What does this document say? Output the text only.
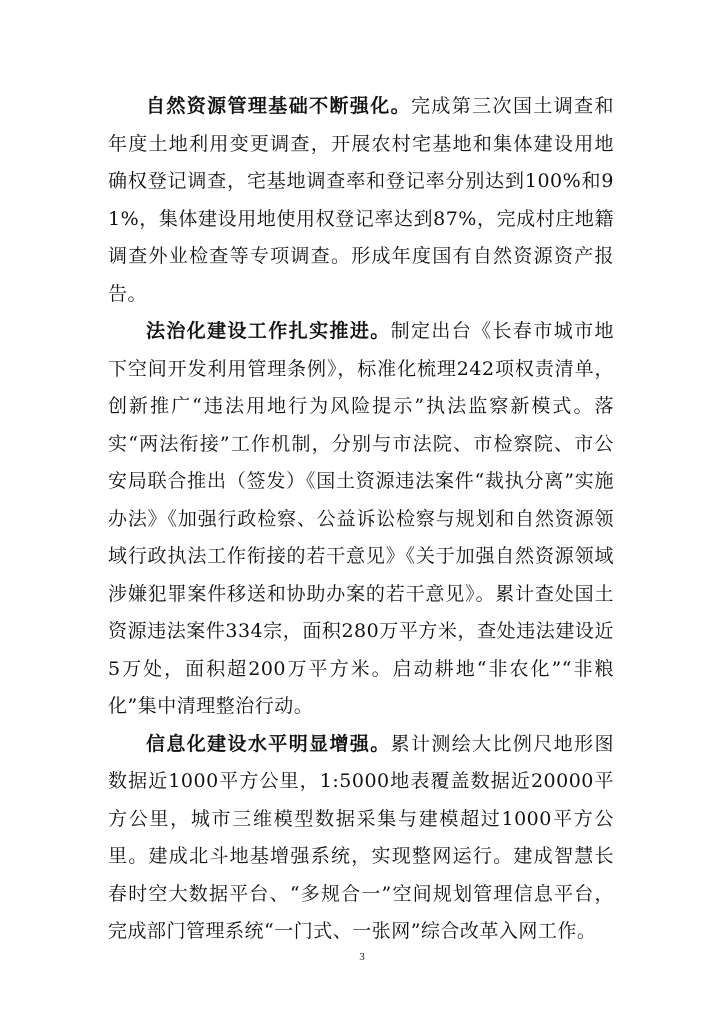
自然资源管理基础不断强化。完成第三次国土调查和年度土地利用变更调查，开展农村宅基地和集体建设用地确权登记调查，宅基地调查率和登记率分别达到100%和91%，集体建设用地使用权登记率达到87%，完成村庄地籍调查外业检查等专项调查。形成年度国有自然资源资产报告。

法治化建设工作扎实推进。制定出台《长春市城市地下空间开发利用管理条例》，标准化梳理242项权责清单，创新推广“违法用地行为风险提示”执法监察新模式。落实“两法衔接”工作机制，分别与市法院、市检察院、市公安局联合推出（签发）《国土资源违法案件“裁执分离”实施办法》《加强行政检察、公益诉讼检察与规划和自然资源领域行政执法工作衔接的若干意见》《关于加强自然资源领域涉嫌犯罪案件移送和协助办案的若干意见》。累计查处国土资源违法案件334宗，面积280万平方米，查处违法建设近5万处，面积超200万平方米。启动耕地“非农化”“非粮化”集中清理整治行动。

信息化建设水平明显增强。累计测绘大比例尺地形图数据近1000平方公里，1:5000地表覆盖数据近20000平方公里，城市三维模型数据采集与建模超过1000平方公里。建成北斗地基增强系统，实现整网运行。建成智慧长春时空大数据平台、“多规合一”空间规划管理信息平台，完成部门管理系统“一门式、一张网”综合改革入网工作。

3
